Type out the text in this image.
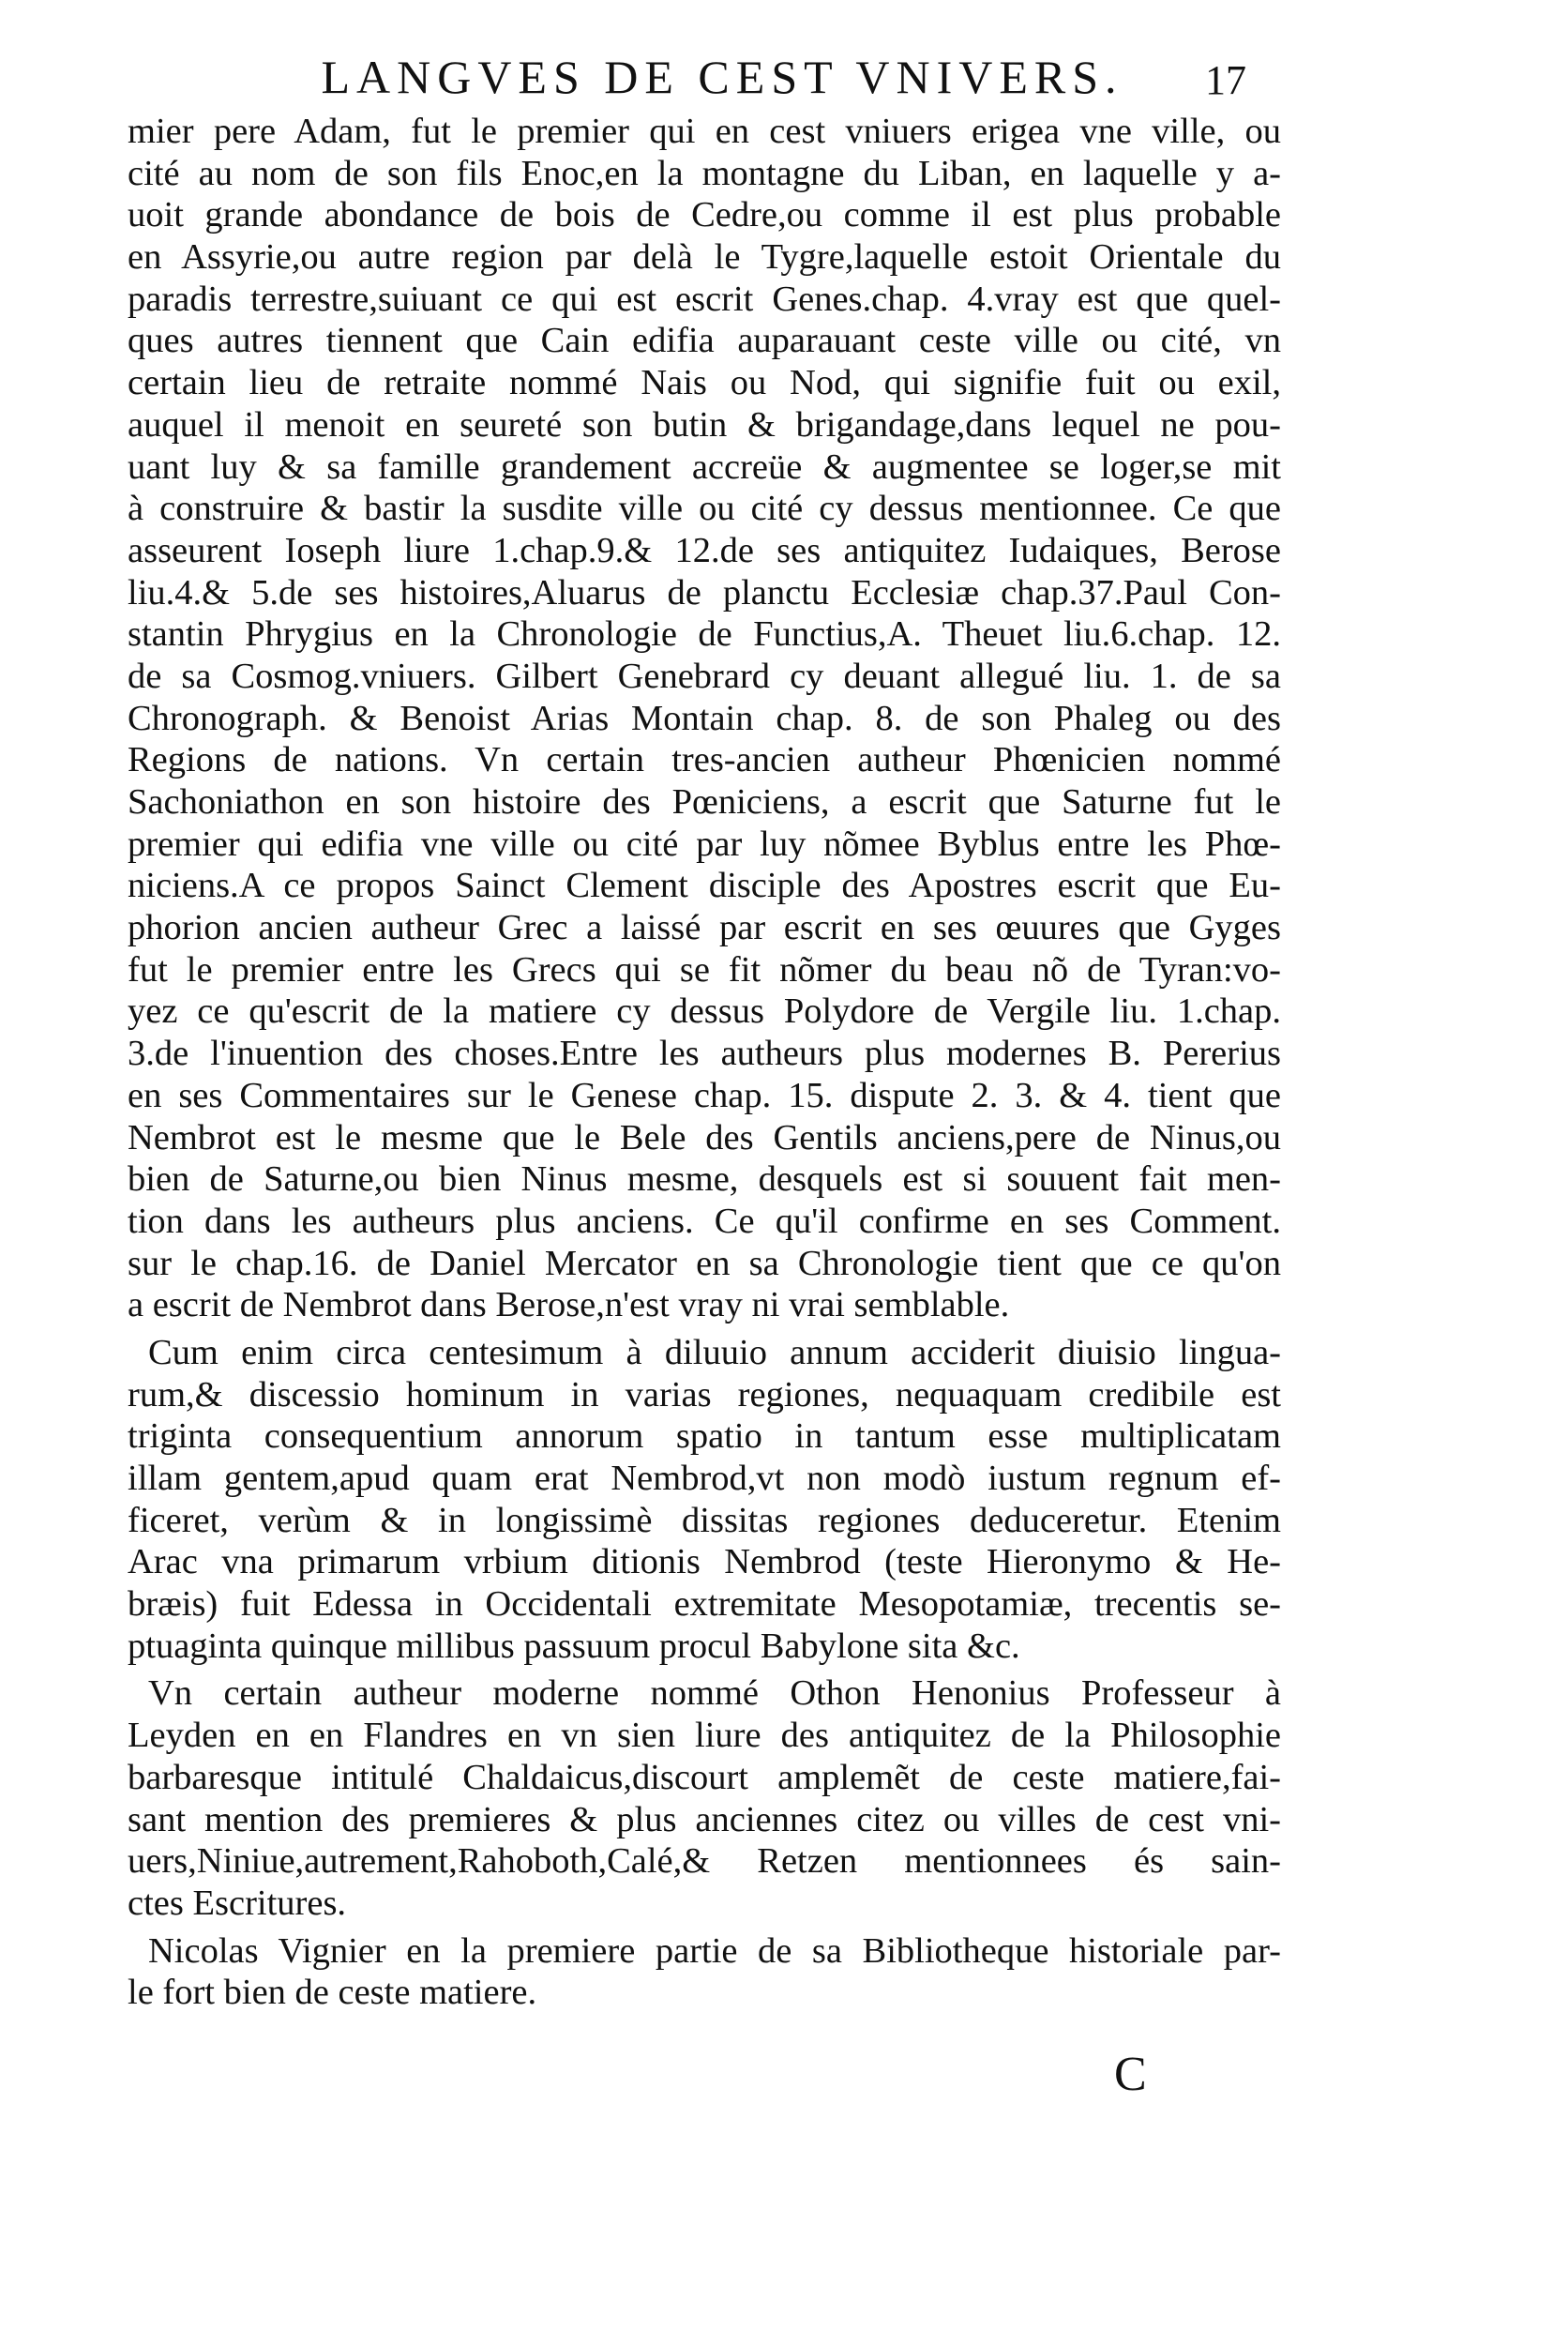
LANGVES DE CEST VNIVERS.	17
mier pere Adam, fut le premier qui en cest vniuers erigea vne ville, ou
cité au nom de son fils Enoc,en la montagne du Liban, en laquelle y a-
uoit grande abondance de bois de Cedre,ou comme il est plus probable
en Assyrie,ou autre region par delà le Tygre,laquelle estoit Orientale du
paradis terrestre,suiuant ce qui est escrit Genes.chap. 4.vray est que quel-
ques autres tiennent que Cain edifia auparauant ceste ville ou cité, vn
certain lieu de retraite nommé Nais ou Nod, qui signifie fuit ou exil,
auquel il menoit en seureté son butin & brigandage,dans lequel ne pou-
uant luy & sa famille grandement accreüe & augmentee se loger,se mit
à construire & bastir la susdite ville ou cité cy dessus mentionnee. Ce que
asseurent Ioseph liure 1.chap.9.& 12.de ses antiquitez Iudaiques, Berose
liu.4.& 5.de ses histoires,Aluarus de planctu Ecclesiæ chap.37.Paul Con-
stantin Phrygius en la Chronologie de Functius,A. Theuet liu.6.chap. 12.
de sa Cosmog.vniuers. Gilbert Genebrard cy deuant allegué liu. 1. de sa
Chronograph. & Benoist Arias Montain chap. 8. de son Phaleg ou des
Regions de nations. Vn certain tres-ancien autheur Phœnicien nommé
Sachoniathon en son histoire des Pœniciens, a escrit que Saturne fut le
premier qui edifia vne ville ou cité par luy nõmee Byblus entre les Phœ-
niciens.A ce propos Sainct Clement disciple des Apostres escrit que Eu-
phorion ancien autheur Grec a laissé par escrit en ses œuures que Gyges
fut le premier entre les Grecs qui se fit nõmer du beau nõ de Tyran:vo-
yez ce qu'escrit de la matiere cy dessus Polydore de Vergile liu. 1.chap.
3.de l'inuention des choses.Entre les autheurs plus modernes B. Pererius
en ses Commentaires sur le Genese chap. 15. dispute 2. 3. & 4. tient que
Nembrot est le mesme que le Bele des Gentils anciens,pere de Ninus,ou
bien de Saturne,ou bien Ninus mesme, desquels est si souuent fait men-
tion dans les autheurs plus anciens. Ce qu'il confirme en ses Comment.
sur le chap.16. de Daniel Mercator en sa Chronologie tient que ce qu'on
a escrit de Nembrot dans Berose,n'est vray ni vrai semblable.
Cum enim circa centesimum à diluuio annum acciderit diuisio lingua-
rum,& discessio hominum in varias regiones, nequaquam credibile est
triginta consequentium annorum spatio in tantum esse multiplicatam
illam gentem,apud quam erat Nembrod,vt non modò iustum regnum ef-
ficeret, verùm & in longissimè dissitas regiones deduceretur. Etenim
Arac vna primarum vrbium ditionis Nembrod (teste Hieronymo & He-
bræis) fuit Edessa in Occidentali extremitate Mesopotamiæ, trecentis se-
ptuaginta quinque millibus passuum procul Babylone sita &c.
Vn certain autheur moderne nommé Othon Henonius Professeur à
Leyden en en Flandres en vn sien liure des antiquitez de la Philosophie
barbaresque intitulé Chaldaicus,discourt amplemẽt de ceste matiere,fai-
sant mention des premieres & plus anciennes citez ou villes de cest vni-
uers,Niniue,autrement,Rahoboth,Calé,& Retzen mentionnees és sain-
ctes Escritures.
Nicolas Vignier en la premiere partie de sa Bibliotheque historiale par-
le fort bien de ceste matiere.
C
